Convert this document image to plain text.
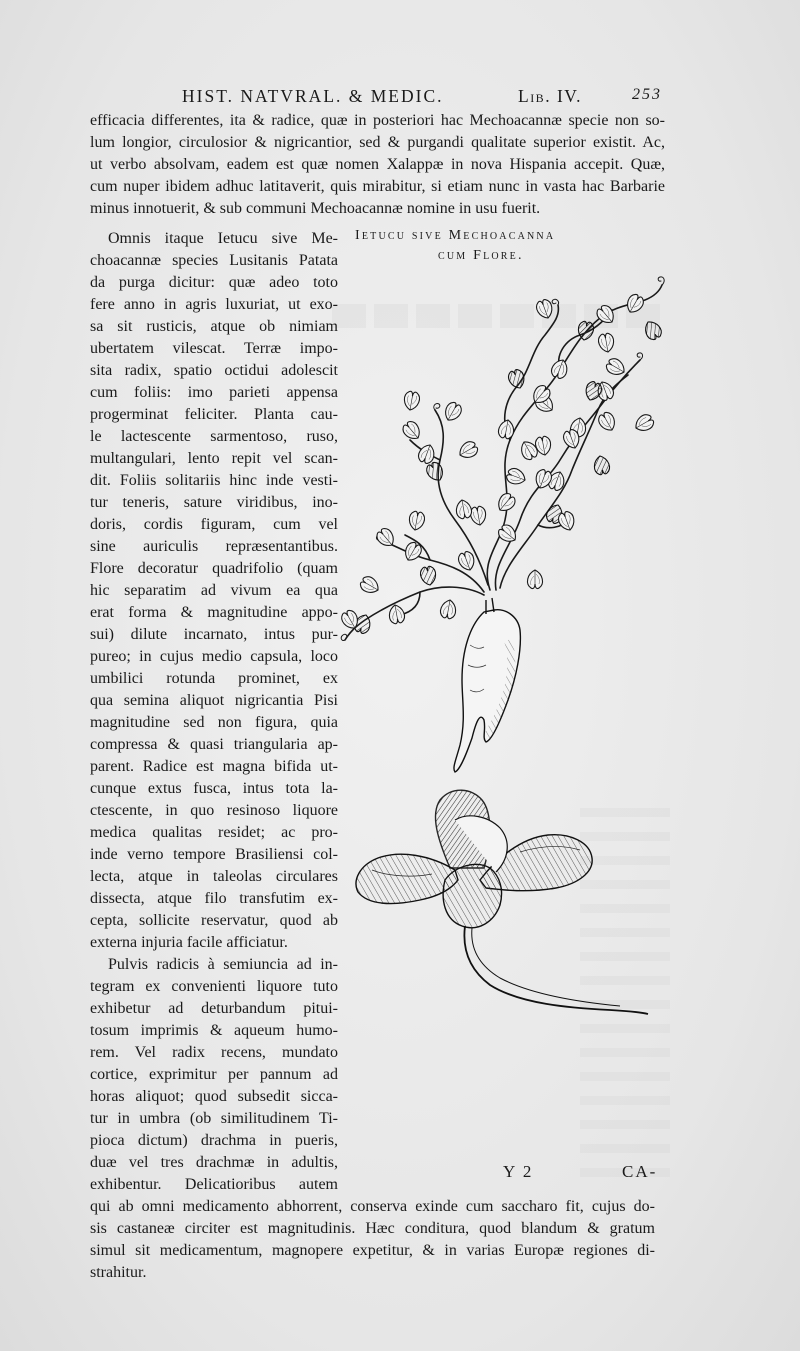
HIST. NATVRAL. & MEDIC.	Lib. IV.	253
efficacia differentes, ita & radice, quæ in posteriori hac Mechoacannæ specie non so-
lum longior, circulosior & nigricantior, sed & purgandi qualitate superior existit. Ac,
ut verbo absolvam, eadem est quæ nomen Xalappæ in nova Hispania accepit. Quæ,
cum nuper ibidem adhuc latitaverit, quis mirabitur, si etiam nunc in vasta hac Barbarie
minus innotuerit, & sub communi Mechoacannæ nomine in usu fuerit.
Omnis itaque Ietucu sive Me-
choacannæ species Lusitanis Patata
da purga dicitur: quæ adeo toto
fere anno in agris luxuriat, ut exo-
sa sit rusticis, atque ob nimiam
ubertatem vilescat. Terræ impo-
sita radix, spatio octidui adolescit
cum foliis: imo parieti appensa
progerminat feliciter. Planta cau-
le lactescente sarmentoso, ruso,
multangulari, lento repit vel scan-
dit. Foliis solitariis hinc inde vesti-
tur teneris, sature viridibus, ino-
doris, cordis figuram, cum vel
sine auriculis repræsentantibus.
Flore decoratur quadrifolio (quam
hic separatim ad vivum ea qua
erat forma & magnitudine appo-
sui) dilute incarnato, intus pur-
pureo; in cujus medio capsula, loco
umbilici rotunda prominet, ex
qua semina aliquot nigricantia Pisi
magnitudine sed non figura, quia
compressa & quasi triangularia ap-
parent. Radice est magna bifida ut-
cunque extus fusca, intus tota la-
ctescente, in quo resinoso liquore
medica qualitas residet; ac pro-
inde verno tempore Brasiliensi col-
lecta, atque in taleolas circulares
dissecta, atque filo transfutim ex-
cepta, sollicite reservatur, quod ab
externa injuria facile afficiatur.
Pulvis radicis à semiuncia ad in-
tegram ex convenienti liquore tuto
exhibetur ad deturbandum pitui-
tosum imprimis & aqueum humo-
rem. Vel radix recens, mundato
cortice, exprimitur per pannum ad
horas aliquot; quod subsedit sicca-
tur in umbra (ob similitudinem Ti-
pioca dictum) drachma in pueris,
duæ vel tres drachmæ in adultis,
exhibentur. Delicatioribus autem
qui ab omni medicamento abhorrent, conserva exinde cum saccharo fit, cujus do-
sis castaneæ circiter est magnitudinis. Hæc conditura, quod blandum & gratum
simul sit medicamentum, magnopere expetitur, & in varias Europæ regiones di-
strahitur.
Ietucu sive Mechoacanna
cum Flore.
Y 2	CA-
